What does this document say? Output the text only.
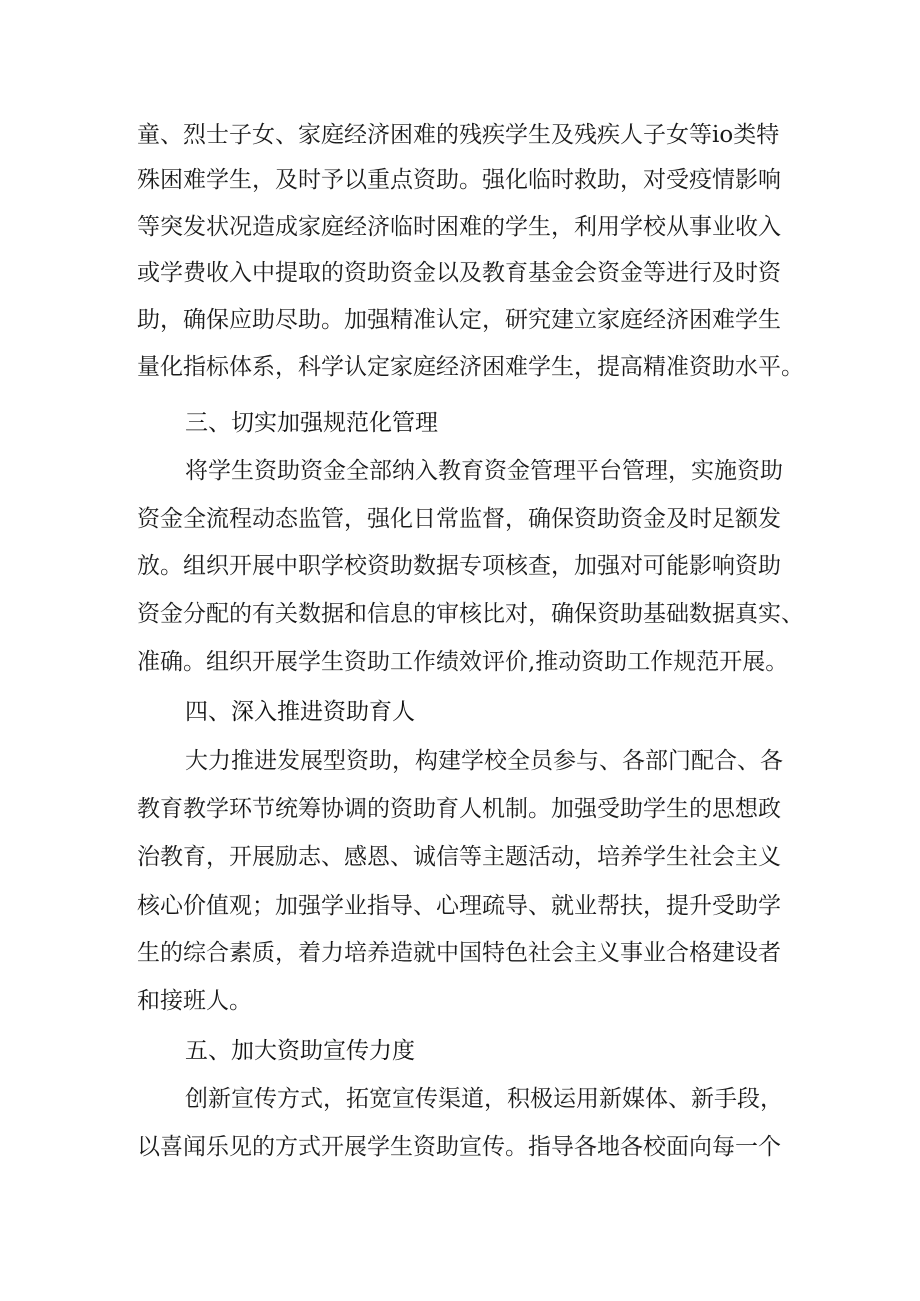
童、烈士子女、家庭经济困难的残疾学生及残疾人子女等io类特
殊困难学生，及时予以重点资助。强化临时救助，对受疫情影响
等突发状况造成家庭经济临时困难的学生，利用学校从事业收入
或学费收入中提取的资助资金以及教育基金会资金等进行及时资
助，确保应助尽助。加强精准认定，研究建立家庭经济困难学生
量化指标体系，科学认定家庭经济困难学生，提高精准资助水平。
三、切实加强规范化管理
将学生资助资金全部纳入教育资金管理平台管理，实施资助
资金全流程动态监管，强化日常监督，确保资助资金及时足额发
放。组织开展中职学校资助数据专项核查，加强对可能影响资助
资金分配的有关数据和信息的审核比对，确保资助基础数据真实、
准确。组织开展学生资助工作绩效评价,推动资助工作规范开展。
四、深入推进资助育人
大力推进发展型资助，构建学校全员参与、各部门配合、各
教育教学环节统筹协调的资助育人机制。加强受助学生的思想政
治教育，开展励志、感恩、诚信等主题活动，培养学生社会主义
核心价值观；加强学业指导、心理疏导、就业帮扶，提升受助学
生的综合素质，着力培养造就中国特色社会主义事业合格建设者
和接班人。
五、加大资助宣传力度
创新宣传方式，拓宽宣传渠道，积极运用新媒体、新手段，
以喜闻乐见的方式开展学生资助宣传。指导各地各校面向每一个
